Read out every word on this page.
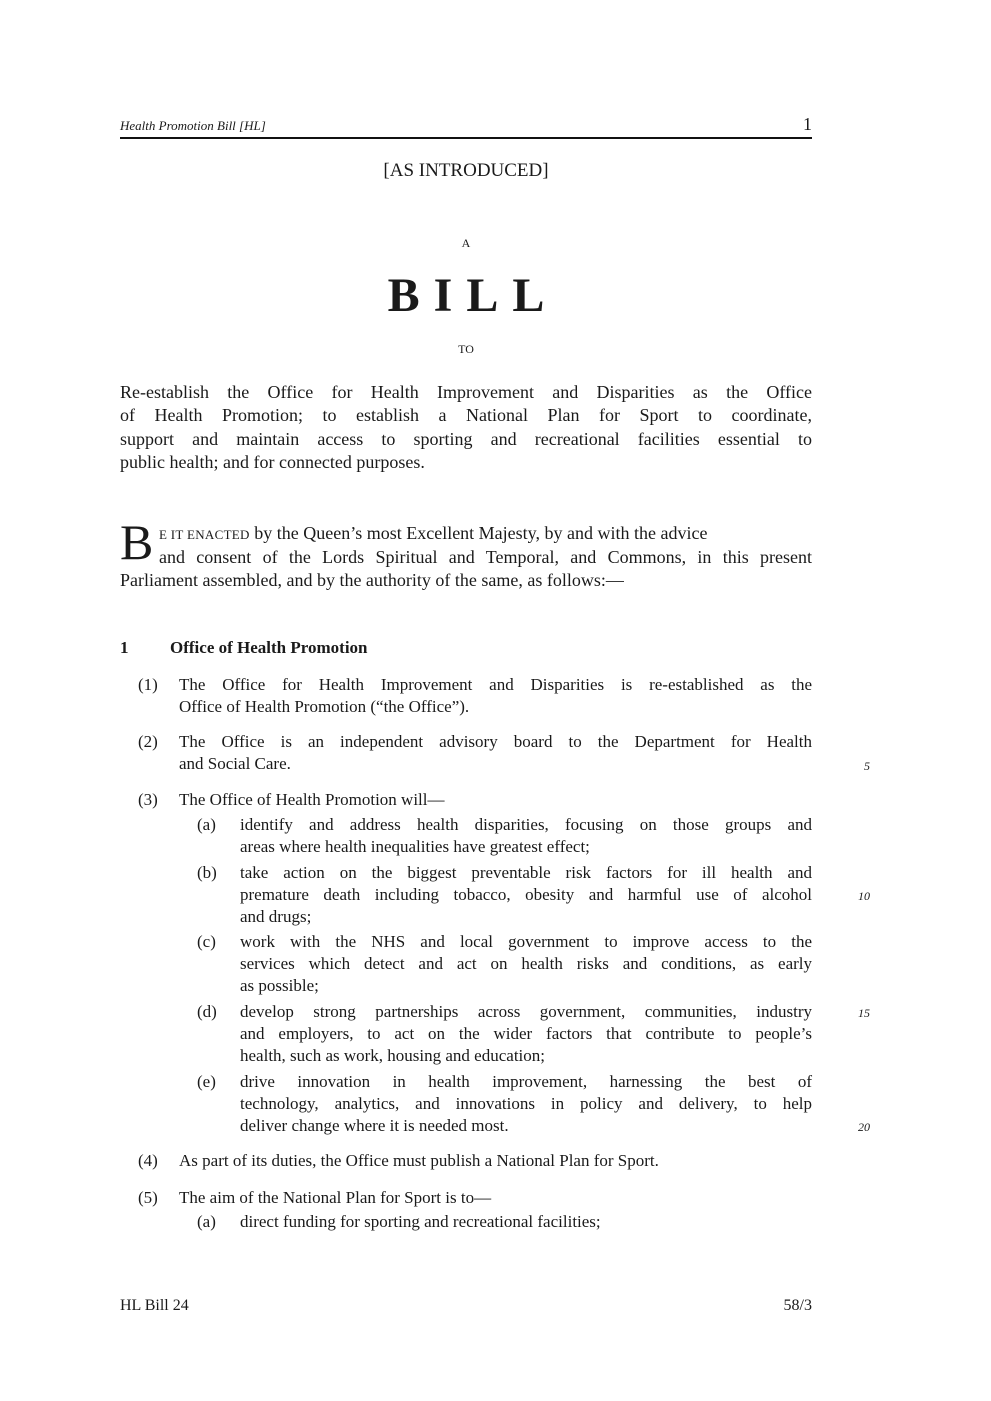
Health Promotion Bill [HL]	1
[AS INTRODUCED]
A
BILL
TO
Re-establish the Office for Health Improvement and Disparities as the Office
of Health Promotion; to establish a National Plan for Sport to coordinate,
support and maintain access to sporting and recreational facilities essential to
public health; and for connected purposes.
B E IT ENACTED by the Queen’s most Excellent Majesty, by and with the advice
and consent of the Lords Spiritual and Temporal, and Commons, in this present
Parliament assembled, and by the authority of the same, as follows:—
1 Office of Health Promotion
(1) The Office for Health Improvement and Disparities is re-established as the
Office of Health Promotion (“the Office”).
(2) The Office is an independent advisory board to the Department for Health
and Social Care.	5
(3) The Office of Health Promotion will—
(a) identify and address health disparities, focusing on those groups and
areas where health inequalities have greatest effect;
(b) take action on the biggest preventable risk factors for ill health and
premature death including tobacco, obesity and harmful use of alcohol
and drugs;
10
(c) work with the NHS and local government to improve access to the
services which detect and act on health risks and conditions, as early
as possible;
(d) develop strong partnerships across government, communities, industry
and employers, to act on the wider factors that contribute to people’s
health, such as work, housing and education;
15
(e) drive innovation in health improvement, harnessing the best of
technology, analytics, and innovations in policy and delivery, to help
deliver change where it is needed most.	20
(4) As part of its duties, the Office must publish a National Plan for Sport.
(5) The aim of the National Plan for Sport is to—
(a) direct funding for sporting and recreational facilities;
HL Bill 24	58/3
